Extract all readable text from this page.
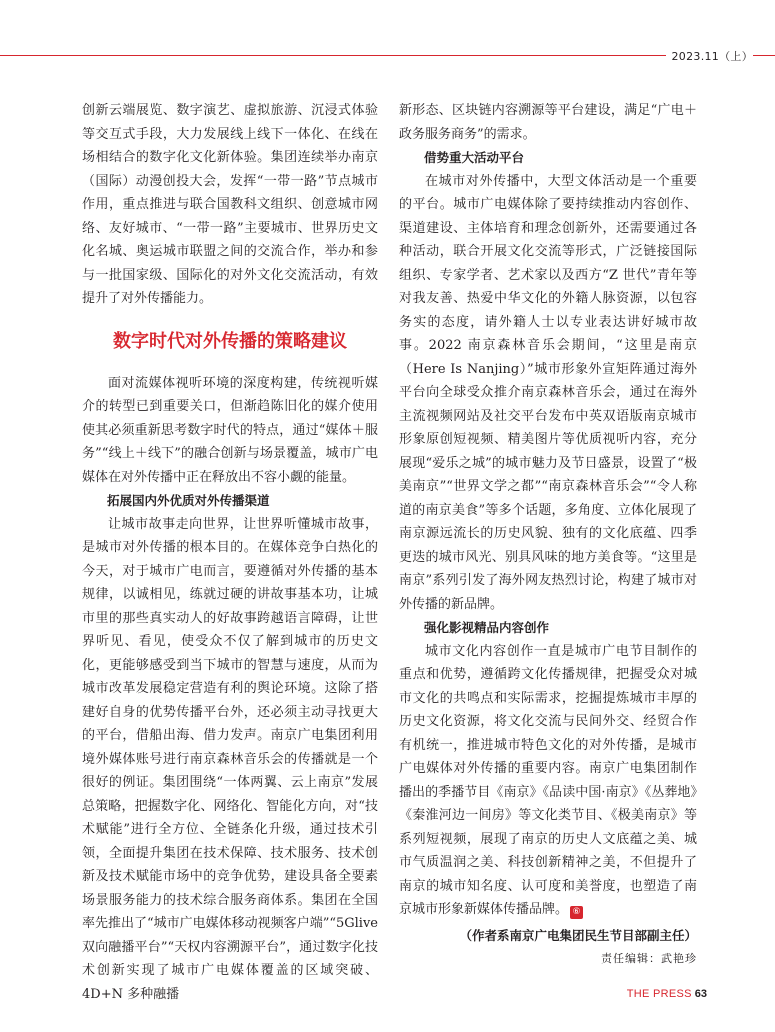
2023.11（上）

创新云端展览、数字演艺、虚拟旅游、沉浸式体验等交互式手段，大力发展线上线下一体化、在线在场相结合的数字化文化新体验。集团连续举办南京（国际）动漫创投大会，发挥“一带一路”节点城市作用，重点推进与联合国教科文组织、创意城市网络、友好城市、“一带一路”主要城市、世界历史文化名城、奥运城市联盟之间的交流合作，举办和参与一批国家级、国际化的对外文化交流活动，有效提升了对外传播能力。

数字时代对外传播的策略建议

面对流媒体视听环境的深度构建，传统视听媒介的转型已到重要关口，但渐趋陈旧化的媒介使用使其必须重新思考数字时代的特点，通过“媒体＋服务”“线上＋线下”的融合创新与场景覆盖，城市广电媒体在对外传播中正在释放出不容小觑的能量。

拓展国内外优质对外传播渠道

让城市故事走向世界，让世界听懂城市故事，是城市对外传播的根本目的。在媒体竞争白热化的今天，对于城市广电而言，要遵循对外传播的基本规律，以诚相见，练就过硬的讲故事基本功，让城市里的那些真实动人的好故事跨越语言障碍，让世界听见、看见，使受众不仅了解到城市的历史文化，更能够感受到当下城市的智慧与速度，从而为城市改革发展稳定营造有利的舆论环境。这除了搭建好自身的优势传播平台外，还必须主动寻找更大的平台，借船出海、借力发声。南京广电集团利用境外媒体账号进行南京森林音乐会的传播就是一个很好的例证。集团围绕“一体两翼、云上南京”发展总策略，把握数字化、网络化、智能化方向，对“技术赋能”进行全方位、全链条化升级，通过技术引领，全面提升集团在技术保障、技术服务、技术创新及技术赋能市场中的竞争优势，建设具备全要素场景服务能力的技术综合服务商体系。集团在全国率先推出了“城市广电媒体移动视频客户端”“5Glive 双向融播平台”“天权内容溯源平台”，通过数字化技术创新实现了城市广电媒体覆盖的区域突破、4D+N 多种融播

新形态、区块链内容溯源等平台建设，满足“广电＋政务服务商务”的需求。

借势重大活动平台

在城市对外传播中，大型文体活动是一个重要的平台。城市广电媒体除了要持续推动内容创作、渠道建设、主体培育和理念创新外，还需要通过各种活动，联合开展文化交流等形式，广泛链接国际组织、专家学者、艺术家以及西方“Z 世代”青年等对我友善、热爱中华文化的外籍人脉资源，以包容务实的态度，请外籍人士以专业表达讲好城市故事。2022 南京森林音乐会期间，“这里是南京（Here Is Nanjing）”城市形象外宣矩阵通过海外平台向全球受众推介南京森林音乐会，通过在海外主流视频网站及社交平台发布中英双语版南京城市形象原创短视频、精美图片等优质视听内容，充分展现“爱乐之城”的城市魅力及节日盛景，设置了“极美南京”“世界文学之都”“南京森林音乐会”“令人称道的南京美食”等多个话题，多角度、立体化展现了南京源远流长的历史风貌、独有的文化底蕴、四季更迭的城市风光、别具风味的地方美食等。“这里是南京”系列引发了海外网友热烈讨论，构建了城市对外传播的新品牌。

强化影视精品内容创作

城市文化内容创作一直是城市广电节目制作的重点和优势，遵循跨文化传播规律，把握受众对城市文化的共鸣点和实际需求，挖掘提炼城市丰厚的历史文化资源，将文化交流与民间外交、经贸合作有机统一，推进城市特色文化的对外传播，是城市广电媒体对外传播的重要内容。南京广电集团制作播出的季播节目《南京》《品读中国·南京》《丛葬地》《秦淮河边一间房》等文化类节目、《极美南京》等系列短视频，展现了南京的历史人文底蕴之美、城市气质温润之美、科技创新精神之美，不但提升了南京的城市知名度、认可度和美誉度，也塑造了南京城市形象新媒体传播品牌。 ⑥

（作者系南京广电集团民生节目部副主任）

责任编辑：武艳珍

THE PRESS 63
